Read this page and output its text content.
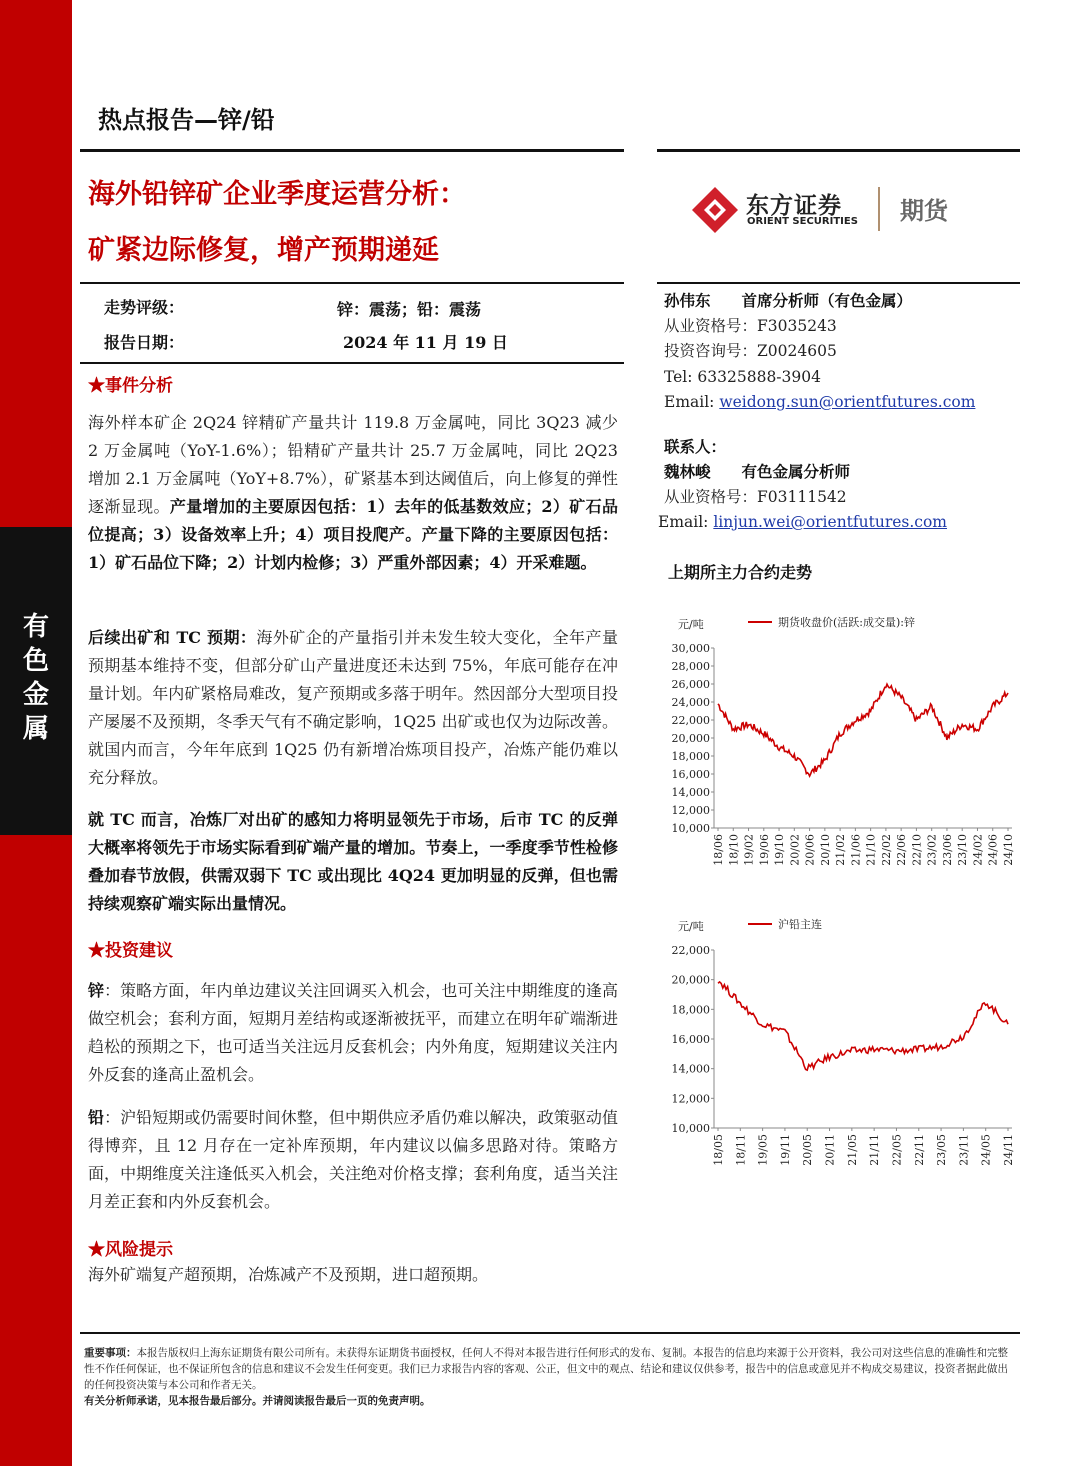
有
色
金
属
热点报告—锌/铅
海外铅锌矿企业季度运营分析：
矿紧边际修复，增产预期递延
东方证券
ORIENT SECURITIES 期货
走势评级：	锌：震荡；铅：震荡
报告日期：	2024 年 11 月 19 日
★事件分析
海外样本矿企 2Q24 锌精矿产量共计 119.8 万金属吨，同比 3Q23 减少 2 万金属吨（YoY-1.6%）；铅精矿产量共计 25.7 万金属吨，同比 2Q23 增加 2.1 万金属吨（YoY+8.7%），矿紧基本到达阈值后，向上修复的弹性逐渐显现。产量增加的主要原因包括：1）去年的低基数效应；2）矿石品位提高；3）设备效率上升；4）项目投爬产。产量下降的主要原因包括：1）矿石品位下降；2）计划内检修；3）严重外部因素；4）开采难题。
后续出矿和 TC 预期：海外矿企的产量指引并未发生较大变化，全年产量预期基本维持不变，但部分矿山产量进度还未达到 75%，年底可能存在冲量计划。年内矿紧格局难改，复产预期或多落于明年。然因部分大型项目投产屡屡不及预期，冬季天气有不确定影响，1Q25 出矿或也仅为边际改善。就国内而言，今年年底到 1Q25 仍有新增冶炼项目投产，冶炼产能仍难以充分释放。
就 TC 而言，冶炼厂对出矿的感知力将明显领先于市场，后市 TC 的反弹大概率将领先于市场实际看到矿端产量的增加。节奏上，一季度季节性检修叠加春节放假，供需双弱下 TC 或出现比 4Q24 更加明显的反弹，但也需持续观察矿端实际出量情况。
★投资建议
锌：策略方面，年内单边建议关注回调买入机会，也可关注中期维度的逢高做空机会；套利方面，短期月差结构或逐渐被抚平，而建立在明年矿端渐进趋松的预期之下，也可适当关注远月反套机会；内外角度，短期建议关注内外反套的逢高止盈机会。
铅：沪铅短期或仍需要时间休整，但中期供应矛盾仍难以解决，政策驱动值得博弈，且 12 月存在一定补库预期，年内建议以偏多思路对待。策略方面，中期维度关注逢低买入机会，关注绝对价格支撑；套利角度，适当关注月差正套和内外反套机会。
★风险提示
海外矿端复产超预期，冶炼减产不及预期，进口超预期。
孙伟东　　首席分析师（有色金属）
从业资格号：F3035243
投资咨询号：Z0024605
Tel: 63325888-3904
Email: weidong.sun@orientfutures.com
联系人：
魏林峻　　有色金属分析师
从业资格号：F03111542
Email: linjun.wei@orientfutures.com
上期所主力合约走势
元/吨	期货收盘价(活跃:成交量):锌
30,000
28,000
26,000
24,000
22,000
20,000
18,000
16,000
14,000
12,000
10,000
18/06 18/10 19/02 19/06 19/10 20/02 20/06 20/10 21/02 21/06 21/10 22/02 22/06 22/10 23/02 23/06 23/10 24/02 24/06 24/10
元/吨	沪铅主连
22,000
20,000
18,000
16,000
14,000
12,000
10,000
18/05 18/11 19/05 19/11 20/05 20/11 21/05 21/11 22/05 22/11 23/05 23/11 24/05 24/11
重要事项：本报告版权归上海东证期货有限公司所有。未获得东证期货书面授权，任何人不得对本报告进行任何形式的发布、复制。本报告的信息均来源于公开资料，我公司对这些信息的准确性和完整性不作任何保证，也不保证所包含的信息和建议不会发生任何变更。我们已力求报告内容的客观、公正，但文中的观点、结论和建议仅供参考，报告中的信息或意见并不构成交易建议，投资者据此做出的任何投资决策与本公司和作者无关。
有关分析师承诺，见本报告最后部分。并请阅读报告最后一页的免责声明。
